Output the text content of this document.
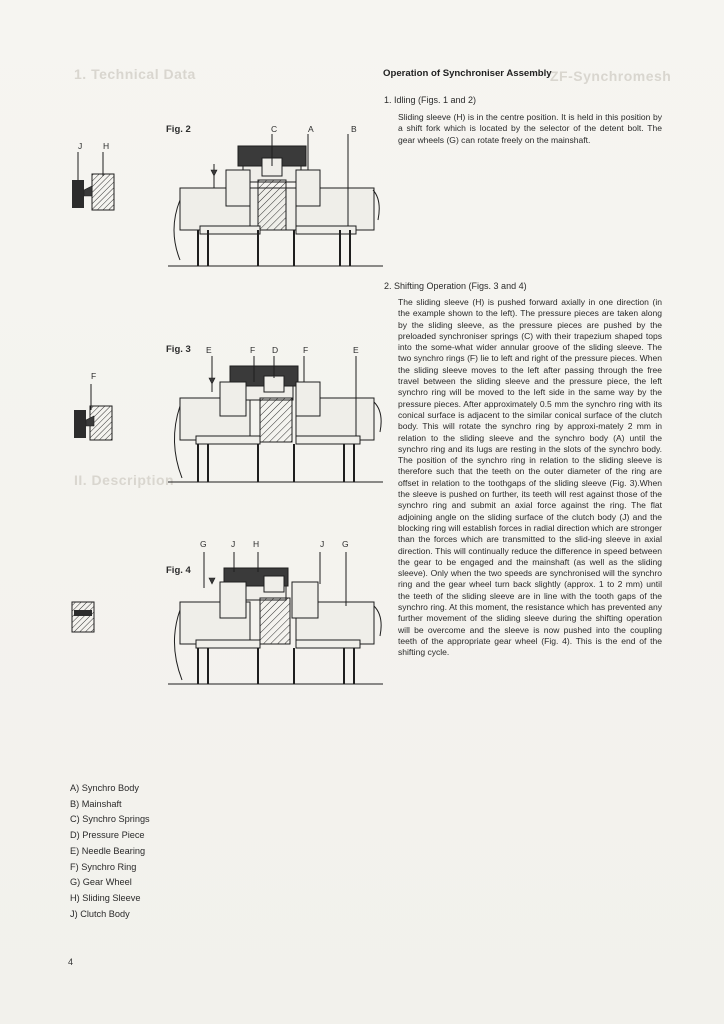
1. Technical Data	ZF-Synchromesh
II. Description
Fig. 2	C	A	B
J H
Fig. 3 E	F D	F	E
F
Fig. 4
G	J H	J G
Operation of Synchroniser Assembly
1. Idling (Figs. 1 and 2)

Sliding sleeve (H) is in the centre position. It is held in this position by a shift fork which is located by the selector of the detent bolt. The gear wheels (G) can rotate freely on the mainshaft.

2. Shifting Operation (Figs. 3 and 4)

The sliding sleeve (H) is pushed forward axially in one direction (in the example shown to the left). The pressure pieces are taken along by the sliding sleeve, as the pressure pieces are pushed by the preloaded synchroniser springs (C) with their trapezium shaped tops into the some-what wider annular groove of the sliding sleeve. The two synchro rings (F) lie to left and right of the pressure pieces. When the sliding sleeve moves to the left after passing through the free travel between the sliding sleeve and the pressure piece, the left synchro ring will be moved to the left side in the same way by the pressure pieces. After approximately 0.5 mm the synchro ring with its conical surface is adjacent to the similar conical surface of the clutch body. This will rotate the synchro ring by approxi-mately 2 mm in relation to the sliding sleeve and the synchro body (A) until the synchro ring and its lugs are resting in the slots of the synchro body. The position of the synchro ring in relation to the sliding sleeve is therefore such that the teeth on the outer diameter of the ring are offset in relation to the toothgaps of the sliding sleeve (Fig. 3).When the sleeve is pushed on further, its teeth will rest against those of the synchro ring and submit an axial force against the ring. The flat adjoining angle on the sliding surface of the clutch body (J) and the blocking ring will establish forces in radial direction which are stronger than the forces which are transmitted to the slid-ing sleeve in axial direction. This will continually reduce the difference in speed between the gear to be engaged and the mainshaft (as well as the sliding sleeve). Only when the two speeds are synchronised will the synchro ring and the gear wheel turn back slightly (approx. 1 to 2 mm) until the teeth of the sliding sleeve are in line with the tooth gaps of the synchro ring. At this moment, the resistance which has prevented any further movement of the sliding sleeve during the shifting operation will be overcome and the sleeve is now pushed into the coupling teeth of the appropriate gear wheel (Fig. 4). This is the end of the shifting cycle.

A) Synchro Body
B) Mainshaft
C) Synchro Springs
D) Pressure Piece
E) Needle Bearing
F) Synchro Ring
G) Gear Wheel
H) Sliding Sleeve
J) Clutch Body
4
